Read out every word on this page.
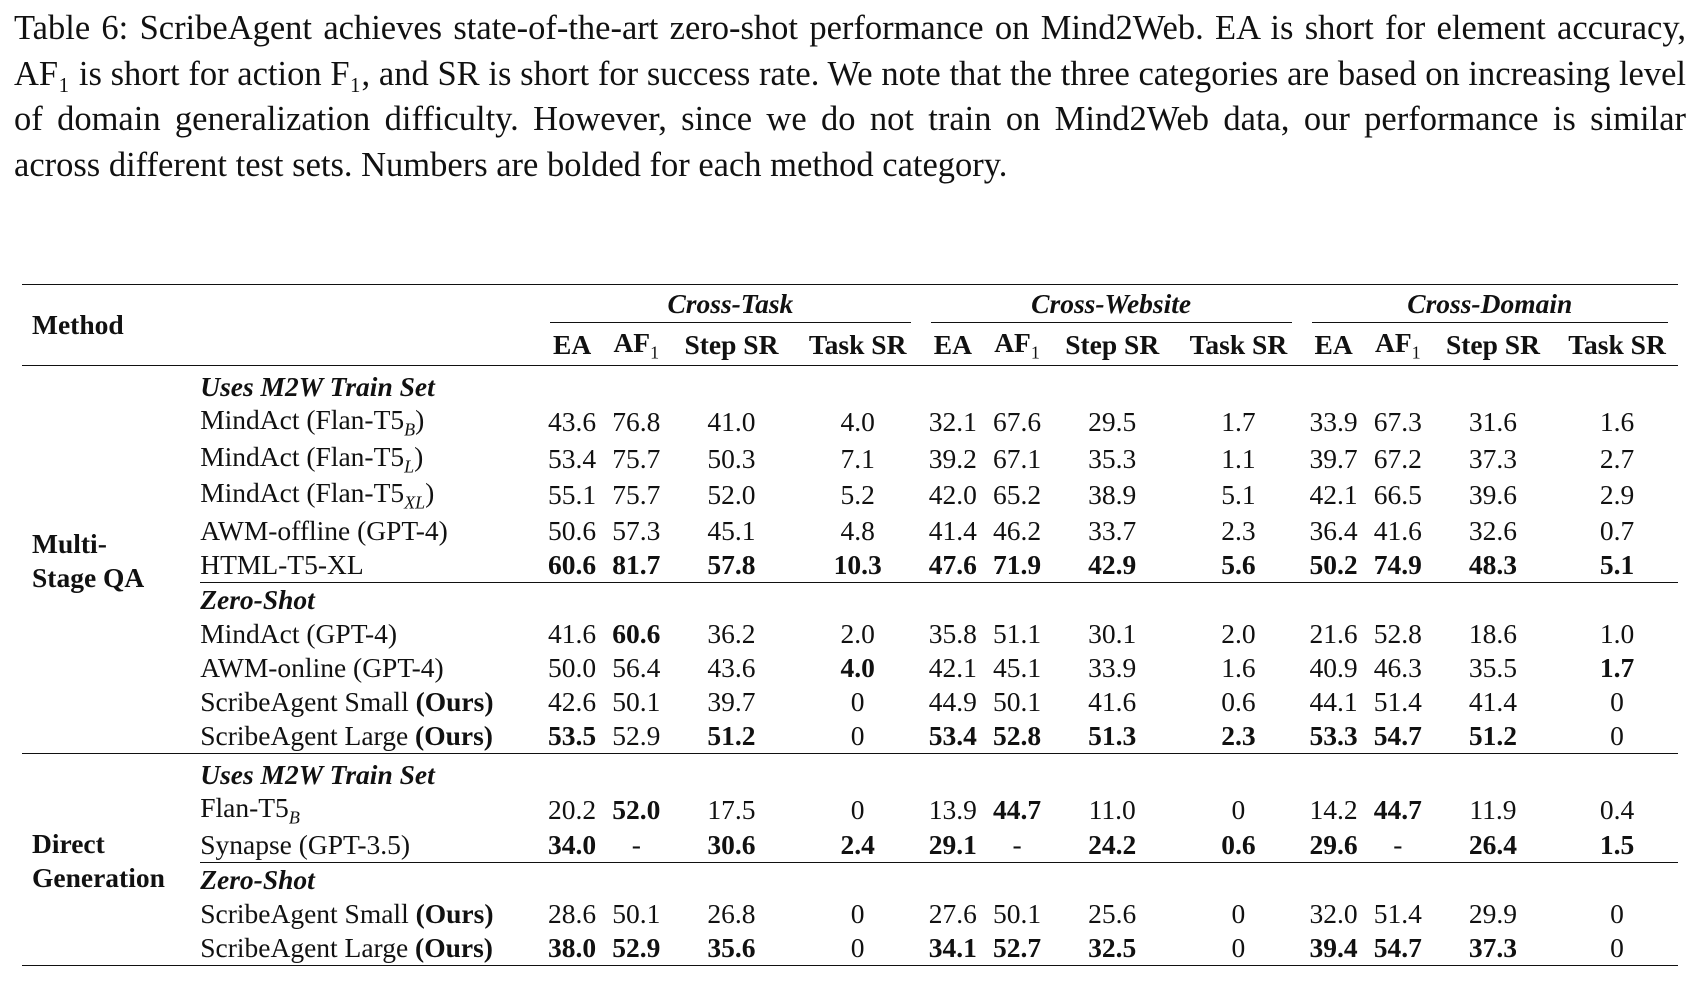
Table 6: ScribeAgent achieves state-of-the-art zero-shot performance on Mind2Web. EA is short for element accuracy, AF₁ is short for action F₁, and SR is short for success rate. We note that the three categories are based on increasing level of domain generalization difficulty. However, since we do not train on Mind2Web data, our performance is similar across different test sets. Numbers are bolded for each method category.
Method		Cross-Task				Cross-Website				Cross-Domain			

		EA	$AF_1$	Step SR	Task SR	EA	$AF_1$	Step SR	Task SR	EA	$AF_1$	Step SR	Task SR

Multi-
Stage QA	Uses M2W Train Set												
	MindAct $(Flan-T5_B)$	43.6	76.8	41.0	4.0	32.1	67.6	29.5	1.7	33.9	67.3	31.6	1.6
	MindAct $(Flan-T5_L)$	53.4	75.7	50.3	7.1	39.2	67.1	35.3	1.1	39.7	67.2	37.3	2.7
	MindAct $(Flan-T5_{XL})$	55.1	75.7	52.0	5.2	42.0	65.2	38.9	5.1	42.1	66.5	39.6	2.9
	AWM-offline (GPT-4)	50.6	57.3	45.1	4.8	41.4	46.2	33.7	2.3	36.4	41.6	32.6	0.7
	HTML-T5-XL	60.6	81.7	57.8	10.3	47.6	71.9	42.9	5.6	50.2	74.9	48.3	5.1
	Zero-Shot												
	MindAct (GPT-4)	41.6	60.6	36.2	2.0	35.8	51.1	30.1	2.0	21.6	52.8	18.6	1.0
	AWM-online (GPT-4)	50.0	56.4	43.6	4.0	42.1	45.1	33.9	1.6	40.9	46.3	35.5	1.7
	ScribeAgent Small (Ours)	42.6	50.1	39.7	0	44.9	50.1	41.6	0.6	44.1	51.4	41.4	0
	ScribeAgent Large (Ours)	53.5	52.9	51.2	0	53.4	52.8	51.3	2.3	53.3	54.7	51.2	0

Direct
Generation	Uses M2W Train Set												
	Flan-$T5_B$	20.2	52.0	17.5	0	13.9	44.7	11.0	0	14.2	44.7	11.9	0.4
	Synapse (GPT-3.5)	34.0	-	30.6	2.4	29.1	-	24.2	0.6	29.6	-	26.4	1.5
	Zero-Shot												
	ScribeAgent Small (Ours)	28.6	50.1	26.8	0	27.6	50.1	25.6	0	32.0	51.4	29.9	0
	ScribeAgent Large (Ours)	38.0	52.9	35.6	0	34.1	52.7	32.5	0	39.4	54.7	37.3	0
